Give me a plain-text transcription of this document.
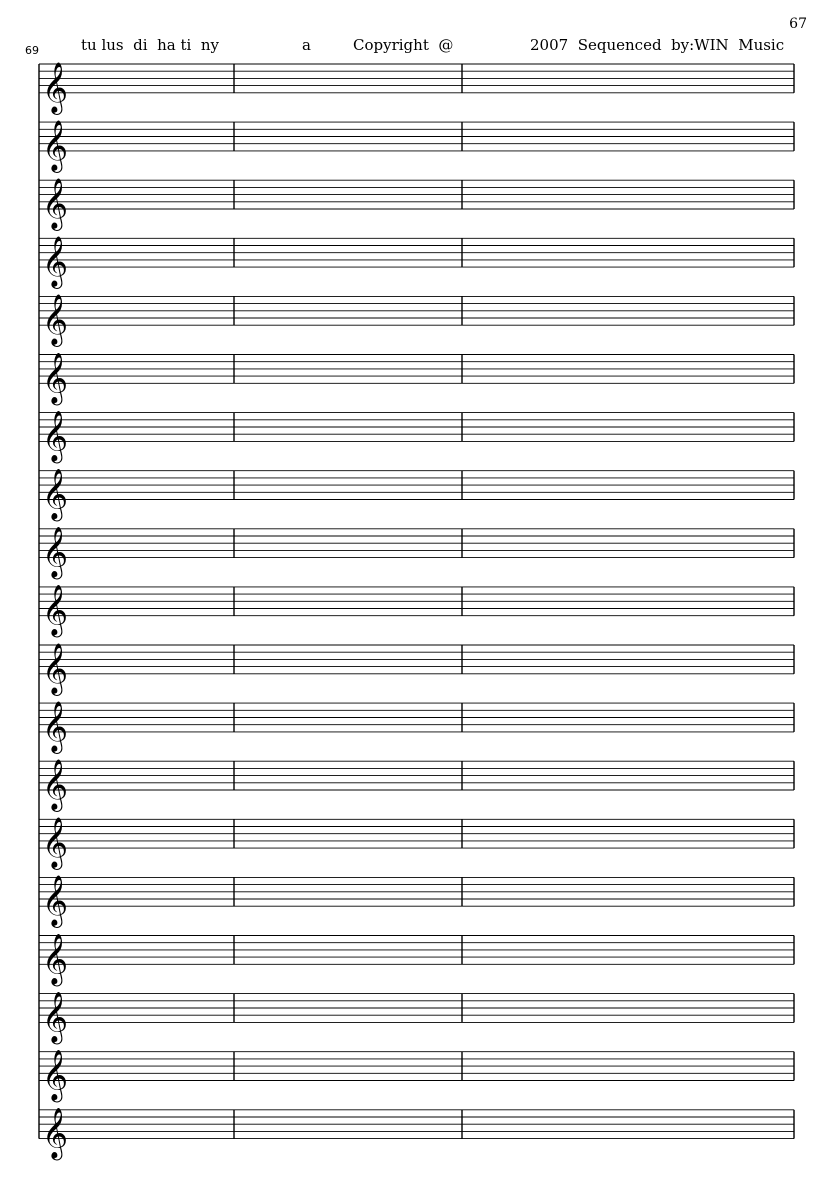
67
69	tu lus  di  ha ti  ny	a	Copyright  @	2007  Sequenced  by:WIN  Music
𝄞
𝄞
𝄞
𝄞
𝄞
𝄞
𝄞
𝄞
𝄞
𝄞
𝄞
𝄞
𝄞
𝄞
𝄞
𝄞
𝄞
𝄞
𝄞
